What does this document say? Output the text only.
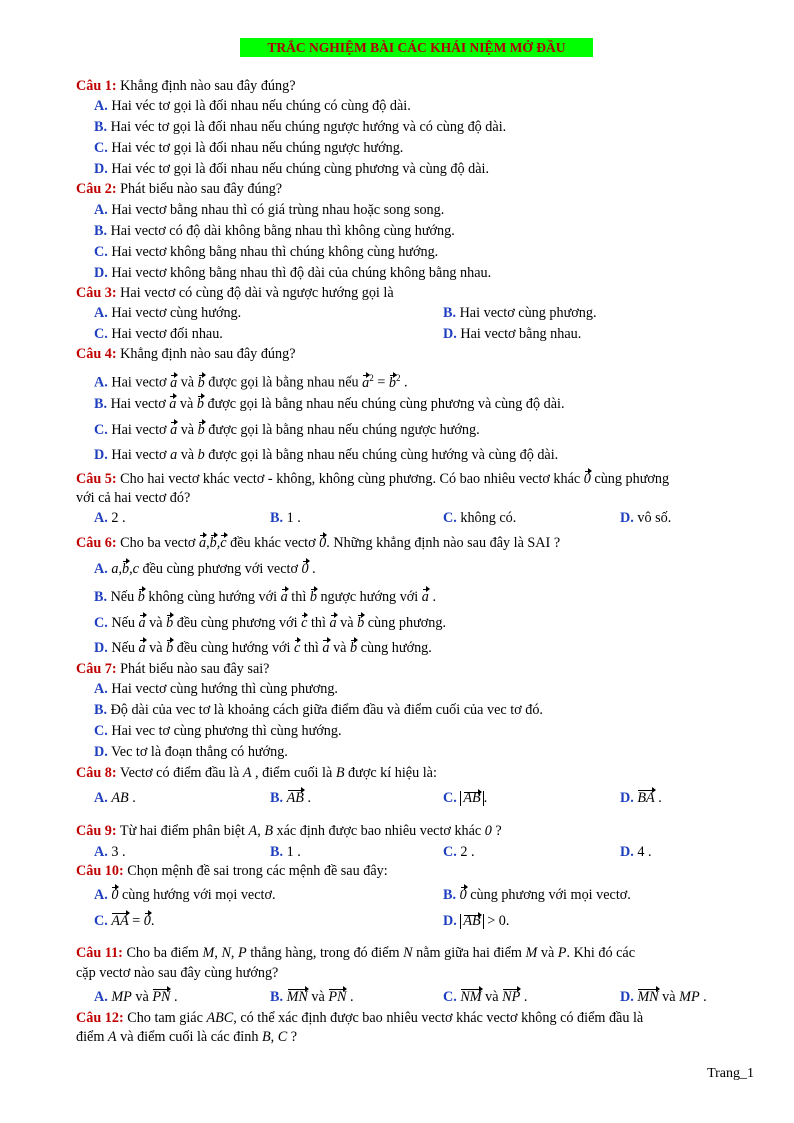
TRẮC NGHIỆM BÀI CÁC KHÁI NIỆM MỞ ĐẦU
Câu 1: Khẳng định nào sau đây đúng?
A. Hai véc tơ gọi là đối nhau nếu chúng có cùng độ dài.
B. Hai véc tơ gọi là đối nhau nếu chúng ngược hướng và có cùng độ dài.
C. Hai véc tơ gọi là đối nhau nếu chúng ngược hướng.
D. Hai véc tơ gọi là đối nhau nếu chúng cùng phương và cùng độ dài.
Câu 2: Phát biểu nào sau đây đúng?
A. Hai vectơ bằng nhau thì có giá trùng nhau hoặc song song.
B. Hai vectơ có độ dài không bằng nhau thì không cùng hướng.
C. Hai vectơ không bằng nhau thì chúng không cùng hướng.
D. Hai vectơ không bằng nhau thì độ dài của chúng không bằng nhau.
Câu 3: Hai vectơ có cùng độ dài và ngược hướng gọi là
A. Hai vectơ cùng hướng.	B. Hai vectơ cùng phương.
C. Hai vectơ đối nhau.	D. Hai vectơ bằng nhau.
Câu 4: Khẳng định nào sau đây đúng?
A. Hai vectơ a và b được gọi là bằng nhau nếu $a^2 = b^2$ .
B. Hai vectơ a và b được gọi là bằng nhau nếu chúng cùng phương và cùng độ dài.
C. Hai vectơ a và b được gọi là bằng nhau nếu chúng ngược hướng.
D. Hai vectơ a và b được gọi là bằng nhau nếu chúng cùng hướng và cùng độ dài.
Câu 5: Cho hai vectơ khác vectơ - không, không cùng phương. Có bao nhiêu vectơ khác 0 cùng phương
với cả hai vectơ đó?
A. 2 .	B. 1 .	C. không có.	D. vô số.
Câu 6: Cho ba vectơ a,b,c đều khác vectơ 0. Những khẳng định nào sau đây là SAI ?
A. a,b,c đều cùng phương với vectơ 0 .
B. Nếu b không cùng hướng với a thì b ngược hướng với a .
C. Nếu a và b đều cùng phương với c thì a và b cùng phương.
D. Nếu a và b đều cùng hướng với c thì a và b cùng hướng.
Câu 7: Phát biểu nào sau đây sai?
A. Hai vectơ cùng hướng thì cùng phương.
B. Độ dài của vec tơ là khoảng cách giữa điểm đầu và điểm cuối của vec tơ đó.
C. Hai vec tơ cùng phương thì cùng hướng.
D. Vec tơ là đoạn thẳng có hướng.
Câu 8: Vectơ có điểm đầu là A , điểm cuối là B được kí hiệu là:
A. AB .	B. AB .	C. AB .	D. BA .
Câu 9: Từ hai điểm phân biệt A, B xác định được bao nhiêu vectơ khác 0 ?
A. 3 .	B. 1 .	C. 2 .	D. 4 .
Câu 10: Chọn mệnh đề sai trong các mệnh đề sau đây:
A. 0 cùng hướng với mọi vectơ.	B. 0 cùng phương với mọi vectơ.
C. AA = 0.	D. AB > 0.
Câu 11: Cho ba điểm M, N, P thẳng hàng, trong đó điểm N nằm giữa hai điểm M và P. Khi đó các
cặp vectơ nào sau đây cùng hướng?
A. MP và PN .	B. MN và PN .	C. NM và NP .	D. MN và MP .
Câu 12: Cho tam giác ABC, có thể xác định được bao nhiêu vectơ khác vectơ không có điểm đầu là
điểm A và điểm cuối là các đỉnh B, C ?
Trang_1
